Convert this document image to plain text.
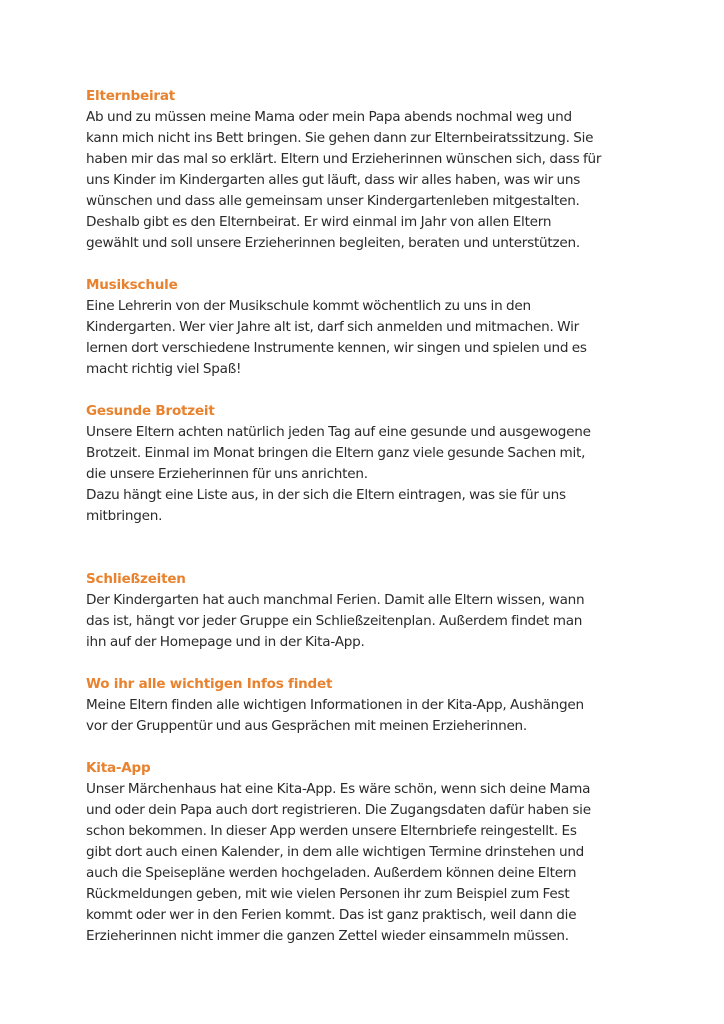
Elternbeirat

Ab und zu müssen meine Mama oder mein Papa abends nochmal weg und
kann mich nicht ins Bett bringen. Sie gehen dann zur Elternbeiratssitzung. Sie
haben mir das mal so erklärt. Eltern und Erzieherinnen wünschen sich, dass für
uns Kinder im Kindergarten alles gut läuft, dass wir alles haben, was wir uns
wünschen und dass alle gemeinsam unser Kindergartenleben mitgestalten.
Deshalb gibt es den Elternbeirat. Er wird einmal im Jahr von allen Eltern
gewählt und soll unsere Erzieherinnen begleiten, beraten und unterstützen.

Musikschule

Eine Lehrerin von der Musikschule kommt wöchentlich zu uns in den
Kindergarten. Wer vier Jahre alt ist, darf sich anmelden und mitmachen. Wir
lernen dort verschiedene Instrumente kennen, wir singen und spielen und es
macht richtig viel Spaß!

Gesunde Brotzeit

Unsere Eltern achten natürlich jeden Tag auf eine gesunde und ausgewogene
Brotzeit. Einmal im Monat bringen die Eltern ganz viele gesunde Sachen mit,
die unsere Erzieherinnen für uns anrichten.
Dazu hängt eine Liste aus, in der sich die Eltern eintragen, was sie für uns
mitbringen.

Schließzeiten

Der Kindergarten hat auch manchmal Ferien. Damit alle Eltern wissen, wann
das ist, hängt vor jeder Gruppe ein Schließzeitenplan. Außerdem findet man
ihn auf der Homepage und in der Kita-App.

Wo ihr alle wichtigen Infos findet

Meine Eltern finden alle wichtigen Informationen in der Kita-App, Aushängen
vor der Gruppentür und aus Gesprächen mit meinen Erzieherinnen.

Kita-App

Unser Märchenhaus hat eine Kita-App. Es wäre schön, wenn sich deine Mama
und oder dein Papa auch dort registrieren. Die Zugangsdaten dafür haben sie
schon bekommen. In dieser App werden unsere Elternbriefe reingestellt. Es
gibt dort auch einen Kalender, in dem alle wichtigen Termine drinstehen und
auch die Speisepläne werden hochgeladen. Außerdem können deine Eltern
Rückmeldungen geben, mit wie vielen Personen ihr zum Beispiel zum Fest
kommt oder wer in den Ferien kommt. Das ist ganz praktisch, weil dann die
Erzieherinnen nicht immer die ganzen Zettel wieder einsammeln müssen.
